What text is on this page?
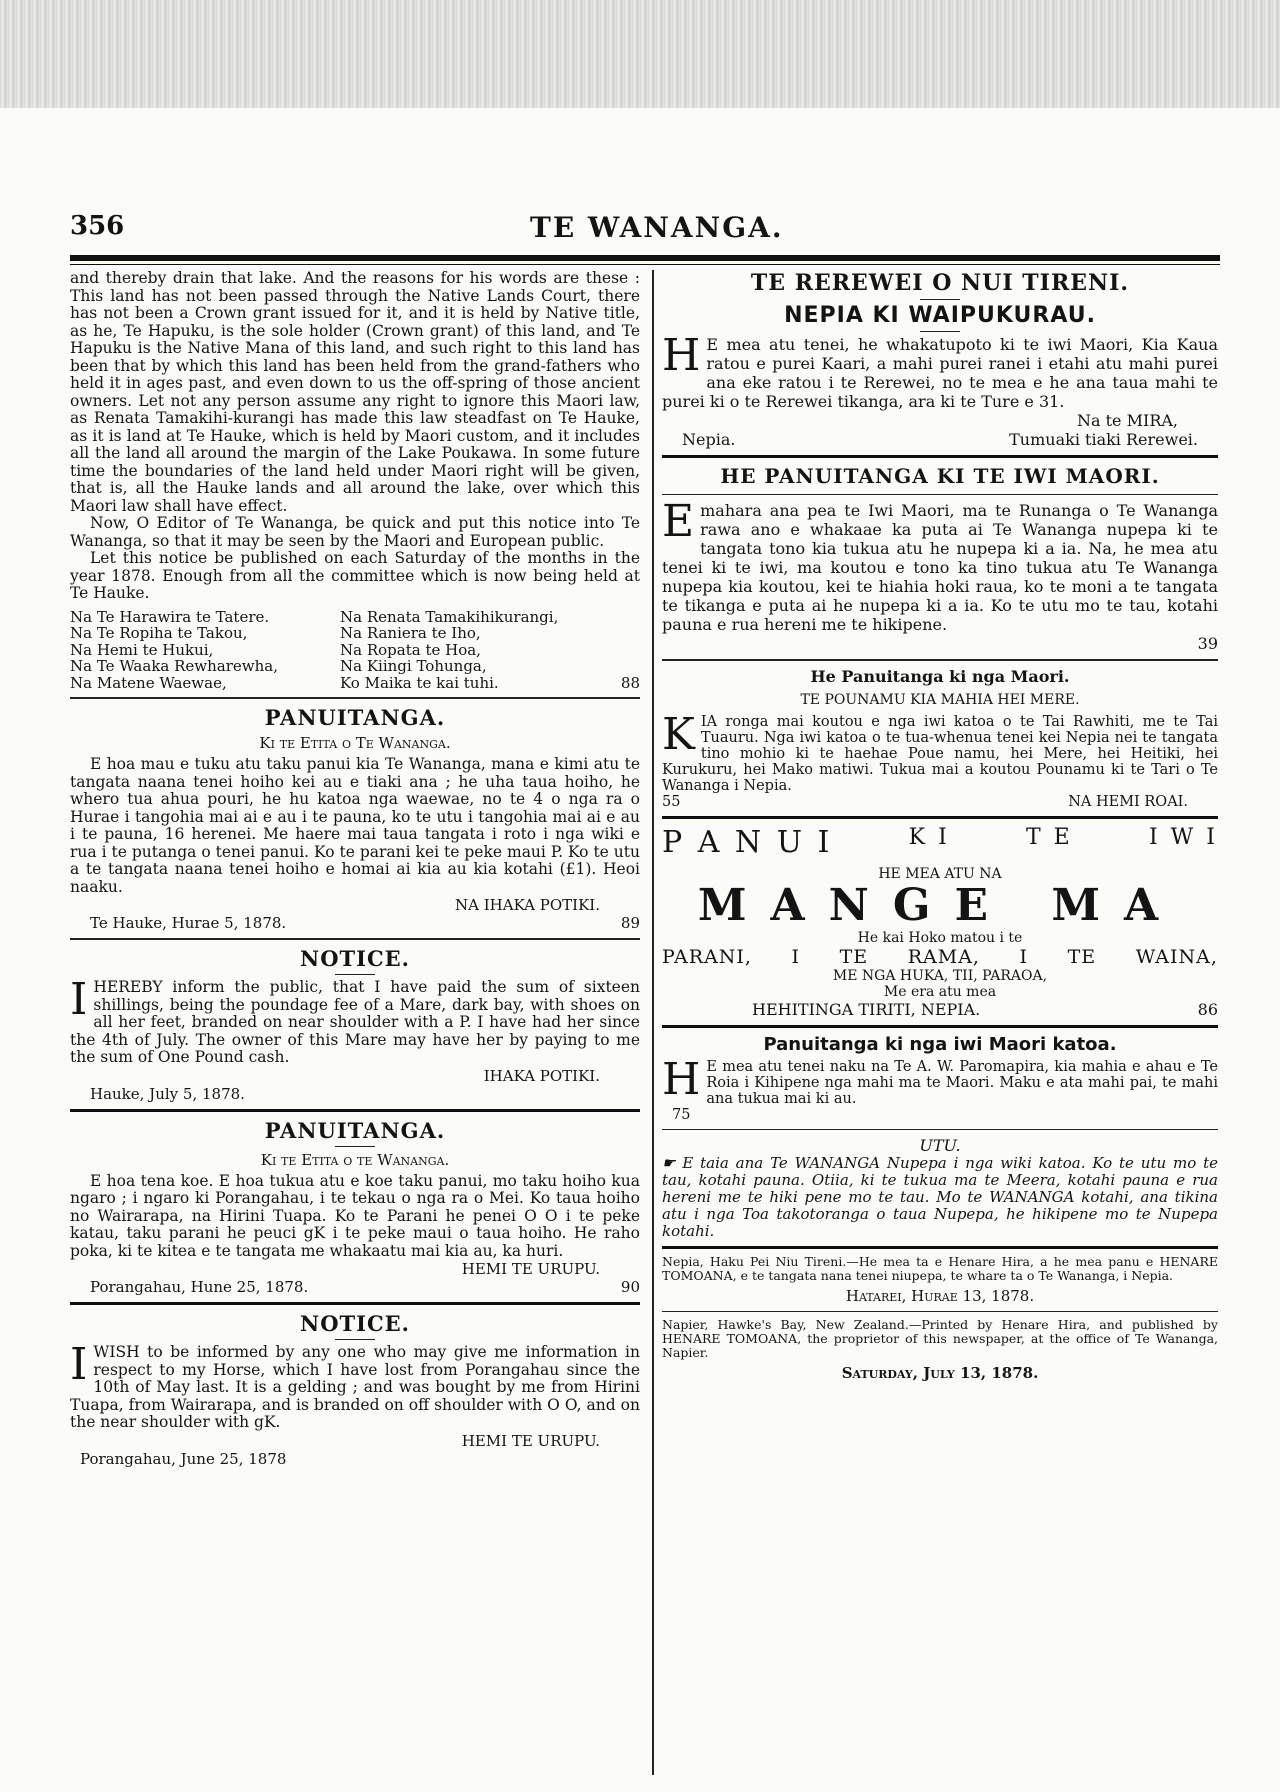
356	TE WANANGA.

and thereby drain that lake. And the reasons for his words are these : This land has not been passed through the Native Lands Court, there has not been a Crown grant issued for it, and it is held by Native title, as he, Te Hapuku, is the sole holder (Crown grant) of this land, and Te Hapuku is the Native Mana of this land, and such right to this land has been that by which this land has been held from the grand-fathers who held it in ages past, and even down to us the off-spring of those ancient owners. Let not any person assume any right to ignore this Maori law, as Renata Tamakihi-kurangi has made this law steadfast on Te Hauke, as it is land at Te Hauke, which is held by Maori custom, and it includes all the land all around the margin of the Lake Poukawa. In some future time the boundaries of the land held under Maori right will be given, that is, all the Hauke lands and all around the lake, over which this Maori law shall have effect.

Now, O Editor of Te Wananga, be quick and put this notice into Te Wananga, so that it may be seen by the Maori and European public.

Let this notice be published on each Saturday of the months in the year 1878. Enough from all the committee which is now being held at Te Hauke.

Na Te Harawira te Tatere.	Na Renata Tamakihikurangi,
Na Te Ropiha te Takou,	Na Raniera te Iho,
Na Hemi te Hukui,	Na Ropata te Hoa,
Na Te Waaka Rewharewha,	Na Kiingi Tohunga,
Na Matene Waewae,	Ko Maika te kai tuhi.	88

PANUITANGA.

Ki te Etita o Te Wananga.

E hoa mau e tuku atu taku panui kia Te Wananga, mana e kimi atu te tangata naana tenei hoiho kei au e tiaki ana ; he uha taua hoiho, he whero tua ahua pouri, he hu katoa nga waewae, no te 4 o nga ra o Hurae i tangohia mai ai e au i te pauna, ko te utu i tangohia mai ai e au i te pauna, 16 herenei. Me haere mai taua tangata i roto i nga wiki e rua i te putanga o tenei panui. Ko te parani kei te peke maui P. Ko te utu a te tangata naana tenei hoiho e homai ai kia au kia kotahi (£1). Heoi naaku.

NA IHAKA POTIKI.

Te Hauke, Hurae 5, 1878.	89

NOTICE.

IHEREBY inform the public, that I have paid the sum of sixteen shillings, being the poundage fee of a Mare, dark bay, with shoes on all her feet, branded on near shoulder with a P. I have had her since the 4th of July. The owner of this Mare may have her by paying to me the sum of One Pound cash.

IHAKA POTIKI.

Hauke, July 5, 1878.

PANUITANGA.

Ki te Etita o te Wananga.

E hoa tena koe. E hoa tukua atu e koe taku panui, mo taku hoiho kua ngaro ; i ngaro ki Porangahau, i te tekau o nga ra o Mei. Ko taua hoiho no Wairarapa, na Hirini Tuapa. Ko te Parani he penei O O i te peke katau, taku parani he peuci gK i te peke maui o taua hoiho. He raho poka, ki te kitea e te tangata me whakaatu mai kia au, ka huri.

HEMI TE URUPU.

Porangahau, Hune 25, 1878.	90

NOTICE.

IWISH to be informed by any one who may give me information in respect to my Horse, which I have lost from Porangahau since the 10th of May last. It is a gelding ; and was bought by me from Hirini Tuapa, from Wairarapa, and is branded on off shoulder with O O, and on the near shoulder with gK.

HEMI TE URUPU.

Porangahau, June 25, 1878

TE REREWEI O NUI TIRENI.

NEPIA KI WAIPUKURAU.

H E mea atu tenei, he whakatupoto ki te iwi Maori, Kia Kaua ratou e purei Kaari, a mahi purei ranei i etahi atu mahi purei ana eke ratou i te Rerewei, no te mea e he ana taua mahi te purei ki o te Rerewei tikanga, ara ki te Ture e 31.

Na te MIRA,

Nepia.	Tumuaki tiaki Rerewei.

HE PANUITANGA KI TE IWI MAORI.

Emahara ana pea te Iwi Maori, ma te Runanga o Te Wananga rawa ano e whakaae ka puta ai Te Wananga nupepa ki te tangata tono kia tukua atu he nupepa ki a ia. Na, he mea atu tenei ki te iwi, ma koutou e tono ka tino tukua atu Te Wananga nupepa kia koutou, kei te hiahia hoki raua, ko te moni a te tangata te tikanga e puta ai he nupepa ki a ia. Ko te utu mo te tau, kotahi pauna e rua hereni me te hikipene.

39

He Panuitanga ki nga Maori.

TE POUNAMU KIA MAHIA HEI MERE.

KIA ronga mai koutou e nga iwi katoa o te Tai Rawhiti, me te Tai Tuauru. Nga iwi katoa o te tua-whenua tenei kei Nepia nei te tangata tino mohio ki te haehae Poue namu, hei Mere, hei Heitiki, hei Kurukuru, hei Mako matiwi. Tukua mai a koutou Pounamu ki te Tari o Te Wananga i Nepia.
55	NA HEMI ROAI.
P A N U I	K I	T E	I W I

HE MEA ATU NA

MANGE MA

He kai Hoko matou i te

PARANI, I TE RAMA, I TE WAINA,

ME NGA HUKA, TII, PARAOA,

Me era atu mea

HEHITINGA TIRITI, NEPIA.	86

Panuitanga ki nga iwi Maori katoa.

H E mea atu tenei naku na Te A. W. Paromapira, kia mahia e ahau e Te Roia i Kihipene nga mahi ma te Maori. Maku e ata mahi pai, te mahi ana tukua mai ki au.

75

UTU.

☛ E taia ana Te WANANGA Nupepa i nga wiki katoa. Ko te utu mo te tau, kotahi pauna. Otiia, ki te tukua ma te Meera, kotahi pauna e rua hereni me te hiki pene mo te tau. Mo te WANANGA kotahi, ana tikina atu i nga Toa takotoranga o taua Nupepa, he hikipene mo te Nupepa kotahi.

Nepia, Haku Pei Niu Tireni.—He mea ta e Henare Hira, a he mea panu e HENARE TOMOANA, e te tangata nana tenei niupepa, te whare ta o Te Wananga, i Nepia.

Hatarei, Hurae 13, 1878.

Napier, Hawke's Bay, New Zealand.—Printed by Henare Hira, and published by HENARE TOMOANA, the proprietor of this newspaper, at the office of Te Wananga, Napier.

Saturday, July 13, 1878.
